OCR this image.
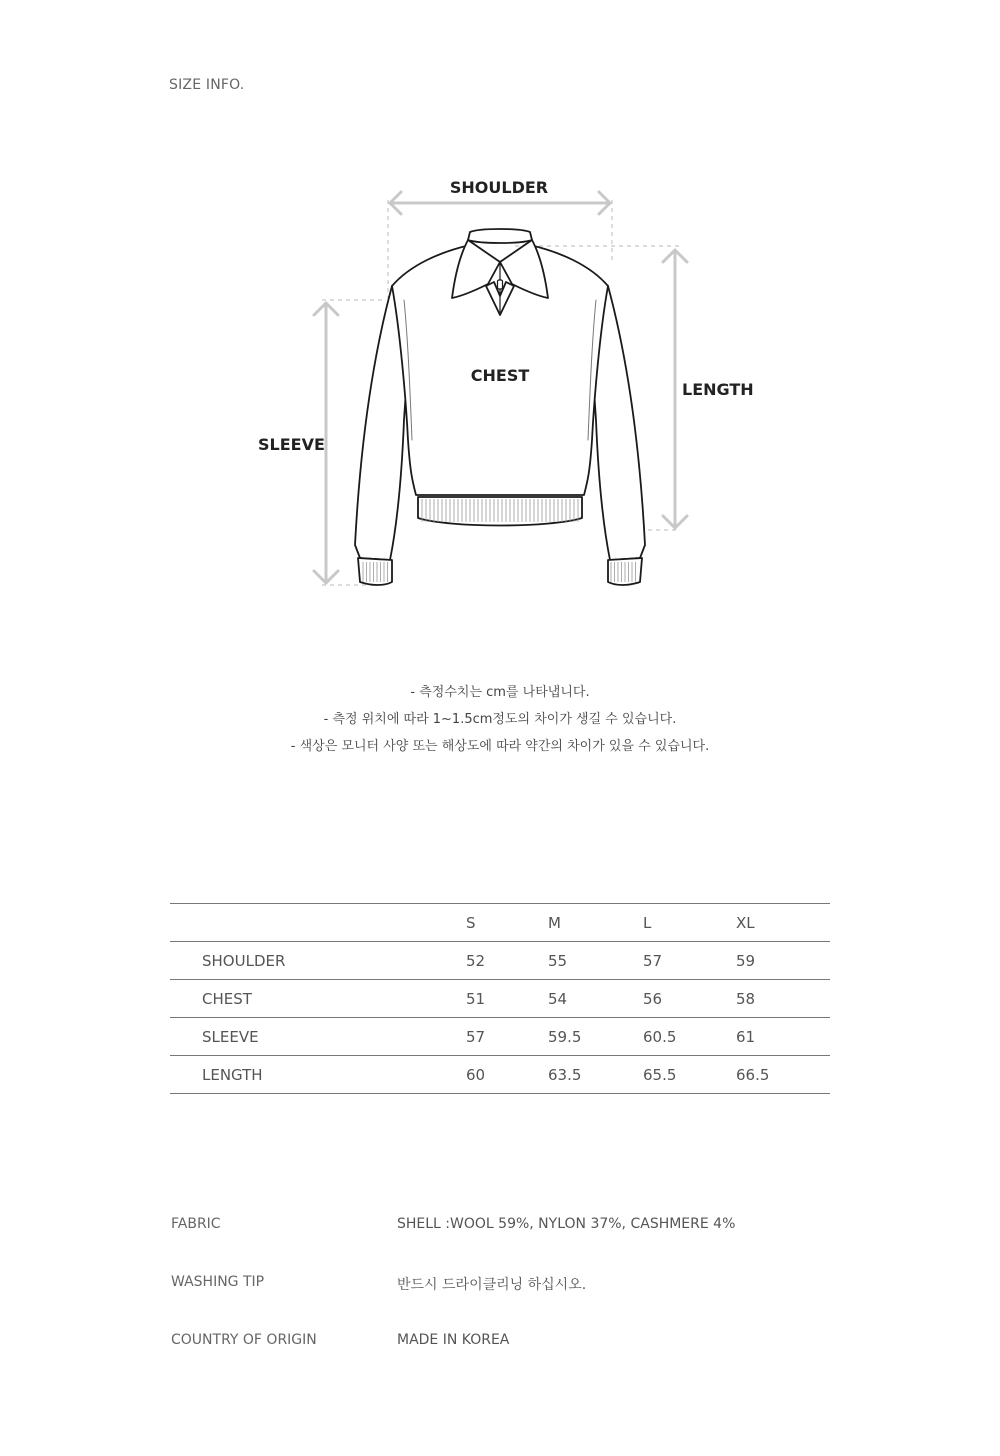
SIZE INFO.
SHOULDER
CHEST
LENGTH
SLEEVE
- 측정수치는 cm를 나타냅니다.
- 측정 위치에 따라 1~1.5cm정도의 차이가 생길 수 있습니다.
- 색상은 모니터 사양 또는 해상도에 따라 약간의 차이가 있을 수 있습니다.
	S	M	L	XL
SHOULDER	52	55	57	59
CHEST	51	54	56	58
SLEEVE	57	59.5	60.5	61
LENGTH	60	63.5	65.5	66.5
FABRIC	SHELL :WOOL 59%, NYLON 37%, CASHMERE 4%
WASHING TIP	반드시 드라이클리닝 하십시오.
COUNTRY OF ORIGIN	MADE IN KOREA
